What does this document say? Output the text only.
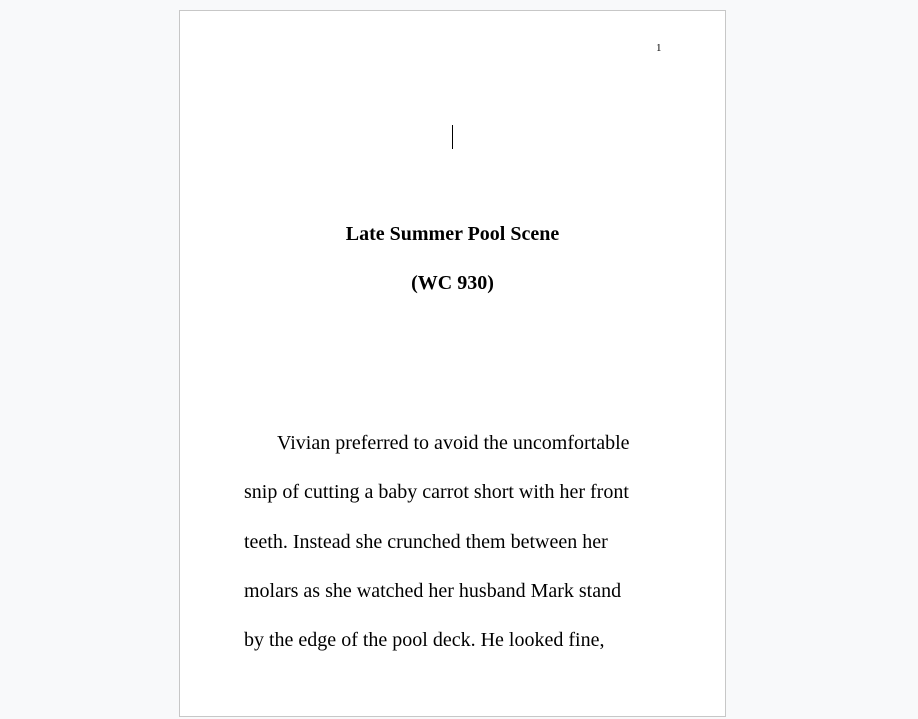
1
Late Summer Pool Scene
(WC 930)
Vivian preferred to avoid the uncomfortable
snip of cutting a baby carrot short with her front
teeth. Instead she crunched them between her
molars as she watched her husband Mark stand
by the edge of the pool deck. He looked fine,
